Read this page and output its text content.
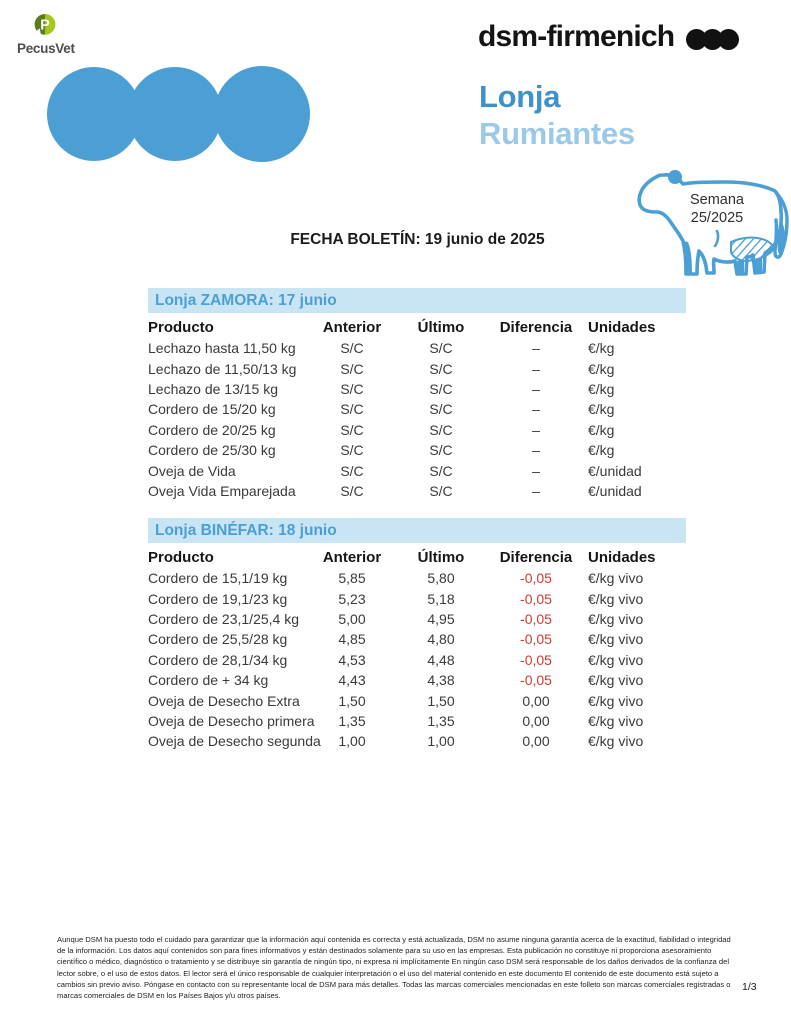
P
PecusVet	dsm-firmenich
Lonja
Rumiantes
Semana
25/2025
FECHA BOLETÍN: 19 junio de 2025
Lonja ZAMORA: 17 junio
Producto	Anterior	Último	Diferencia	Unidades
Lechazo hasta 11,50 kg	S/C	S/C	–	€/kg
Lechazo de 11,50/13 kg	S/C	S/C	–	€/kg
Lechazo de 13/15 kg	S/C	S/C	–	€/kg
Cordero de 15/20 kg	S/C	S/C	–	€/kg
Cordero de 20/25 kg	S/C	S/C	–	€/kg
Cordero de 25/30 kg	S/C	S/C	–	€/kg
Oveja de Vida	S/C	S/C	–	€/unidad
Oveja Vida Emparejada	S/C	S/C	–	€/unidad
Lonja BINÉFAR: 18 junio
Producto	Anterior	Último	Diferencia	Unidades
Cordero de 15,1/19 kg	5,85	5,80	-0,05	€/kg vivo
Cordero de 19,1/23 kg	5,23	5,18	-0,05	€/kg vivo
Cordero de 23,1/25,4 kg	5,00	4,95	-0,05	€/kg vivo
Cordero de 25,5/28 kg	4,85	4,80	-0,05	€/kg vivo
Cordero de 28,1/34 kg	4,53	4,48	-0,05	€/kg vivo
Cordero de + 34 kg	4,43	4,38	-0,05	€/kg vivo
Oveja de Desecho Extra	1,50	1,50	0,00	€/kg vivo
Oveja de Desecho primera	1,35	1,35	0,00	€/kg vivo
Oveja de Desecho segunda	1,00	1,00	0,00	€/kg vivo

Aunque DSM ha puesto todo el cuidado para garantizar que la información aquí contenida es correcta y está actualizada, DSM no asume ninguna garantía acerca de la exactitud, fiabilidad o integridad de la información. Los datos aquí contenidos son para fines informativos y están destinados solamente para su uso en las empresas. Esta publicación no constituye ni proporciona asesoramiento científico o médico, diagnóstico o tratamiento y se distribuye sin garantía de ningún tipo, ni expresa ni implícitamente En ningún caso DSM será responsable de los daños derivados de la confianza del lector sobre, o el uso de estos datos. El lector será el único responsable de cualquier interpretación o el uso del material contenido en este documento El contenido de este documento está sujeto a cambios sin previo aviso. Póngase en contacto con su representante local de DSM para más detalles. Todas las marcas comerciales mencionadas en este folleto son marcas comerciales registradas o marcas comerciales de DSM en los Países Bajos y/u otros países.

1/3
